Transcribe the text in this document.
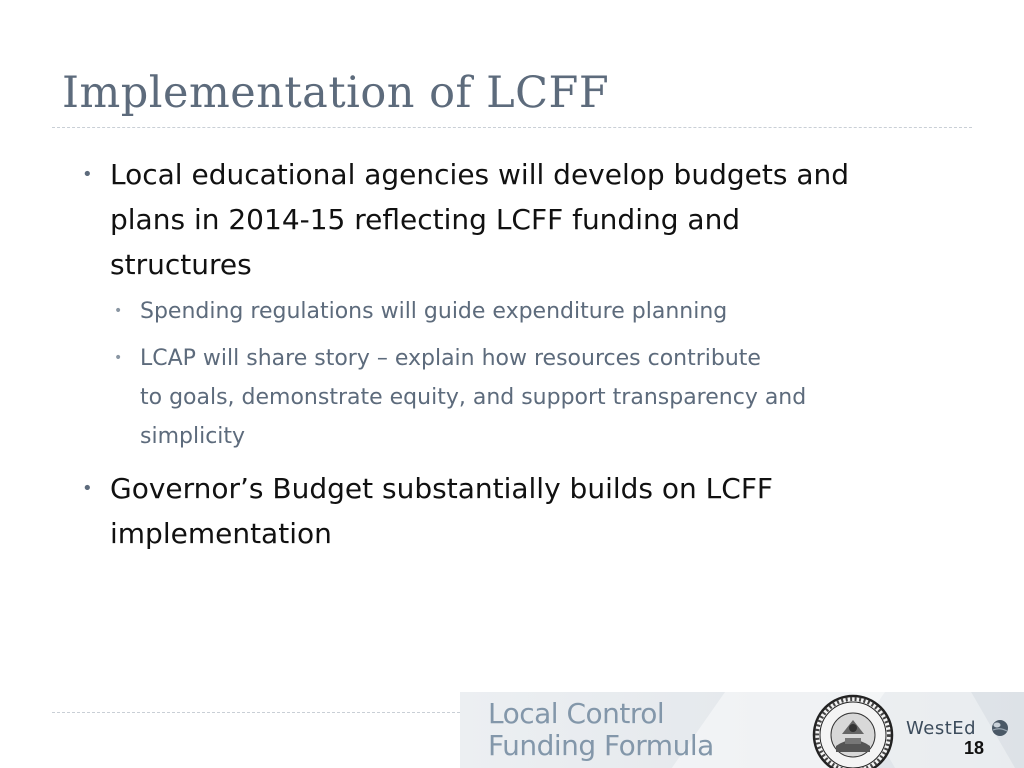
Implementation of LCFF
• Local educational agencies will develop budgets and
plans in 2014-15 reflecting LCFF funding and
structures
• Spending regulations will guide expenditure planning
• LCAP will share story – explain how resources contribute
to goals, demonstrate equity, and support transparency and
simplicity
• Governor’s Budget substantially builds on LCFF
implementation
Local Control
Funding Formula
WestEd
18
